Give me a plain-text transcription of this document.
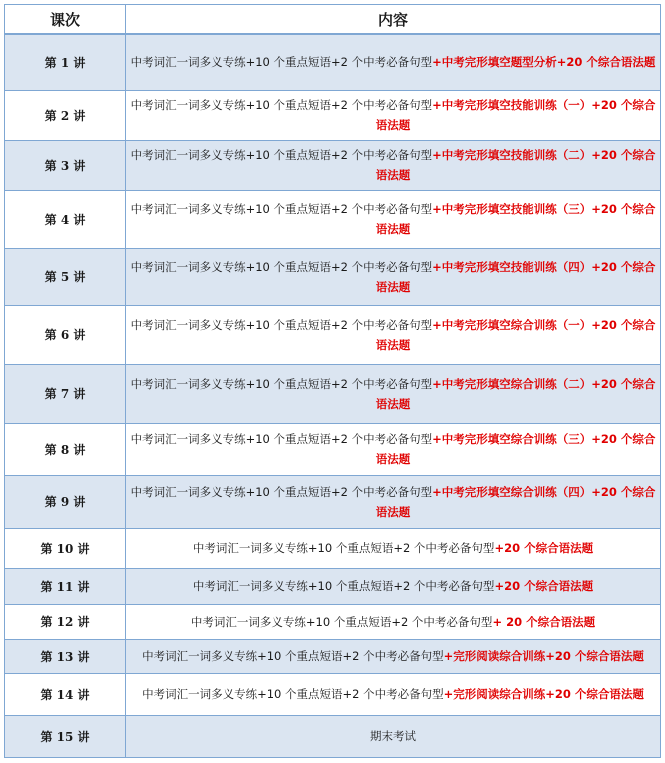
课次	内容
第 1 讲	中考词汇一词多义专练+10 个重点短语+2 个中考必备句型+中考完形填空题型分析+20 个综合语法题
第 2 讲	中考词汇一词多义专练+10 个重点短语+2 个中考必备句型+中考完形填空技能训练（一）+20 个综合语法题
第 3 讲	中考词汇一词多义专练+10 个重点短语+2 个中考必备句型+中考完形填空技能训练（二）+20 个综合语法题
第 4 讲	中考词汇一词多义专练+10 个重点短语+2 个中考必备句型+中考完形填空技能训练（三）+20 个综合语法题
第 5 讲	中考词汇一词多义专练+10 个重点短语+2 个中考必备句型+中考完形填空技能训练（四）+20 个综合语法题
第 6 讲	中考词汇一词多义专练+10 个重点短语+2 个中考必备句型+中考完形填空综合训练（一）+20 个综合语法题
第 7 讲	中考词汇一词多义专练+10 个重点短语+2 个中考必备句型+中考完形填空综合训练（二）+20 个综合语法题
第 8 讲	中考词汇一词多义专练+10 个重点短语+2 个中考必备句型+中考完形填空综合训练（三）+20 个综合语法题
第 9 讲	中考词汇一词多义专练+10 个重点短语+2 个中考必备句型+中考完形填空综合训练（四）+20 个综合语法题
第 10 讲	中考词汇一词多义专练+10 个重点短语+2 个中考必备句型+20 个综合语法题
第 11 讲	中考词汇一词多义专练+10 个重点短语+2 个中考必备句型+20 个综合语法题
第 12 讲	中考词汇一词多义专练+10 个重点短语+2 个中考必备句型+ 20 个综合语法题
第 13 讲	中考词汇一词多义专练+10 个重点短语+2 个中考必备句型+完形阅读综合训练+20 个综合语法题
第 14 讲	中考词汇一词多义专练+10 个重点短语+2 个中考必备句型+完形阅读综合训练+20 个综合语法题
第 15 讲	期末考试
